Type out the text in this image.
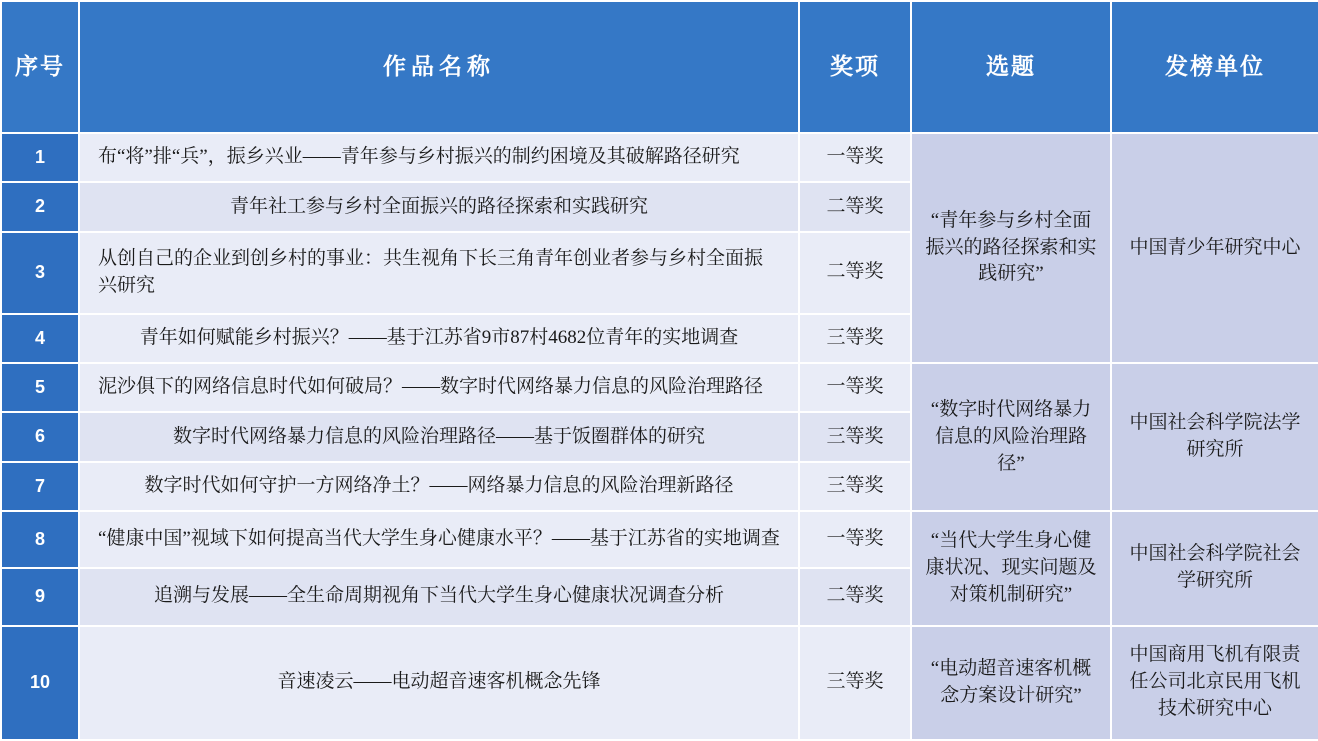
序号	作品名称	奖项	选题	发榜单位
1	布“将”排“兵”，振乡兴业——青年参与乡村振兴的制约困境及其破解路径研究	一等奖	“青年参与乡村全面振兴的路径探索和实践研究”	中国青少年研究中心
2	青年社工参与乡村全面振兴的路径探索和实践研究	二等奖		
3	从创自己的企业到创乡村的事业：共生视角下长三角青年创业者参与乡村全面振兴研究	二等奖		
4	青年如何赋能乡村振兴？——基于江苏省9市87村4682位青年的实地调查	三等奖		
5	泥沙俱下的网络信息时代如何破局？——数字时代网络暴力信息的风险治理路径	一等奖	“数字时代网络暴力信息的风险治理路径”	中国社会科学院法学研究所
6	数字时代网络暴力信息的风险治理路径——基于饭圈群体的研究	三等奖		
7	数字时代如何守护一方网络净土？——网络暴力信息的风险治理新路径	三等奖		
8	“健康中国”视域下如何提高当代大学生身心健康水平？——基于江苏省的实地调查	一等奖	“当代大学生身心健康状况、现实问题及对策机制研究”	中国社会科学院社会学研究所
9	追溯与发展——全生命周期视角下当代大学生身心健康状况调查分析	二等奖		
10	音速凌云——电动超音速客机概念先锋	三等奖	“电动超音速客机概念方案设计研究”	中国商用飞机有限责任公司北京民用飞机技术研究中心
